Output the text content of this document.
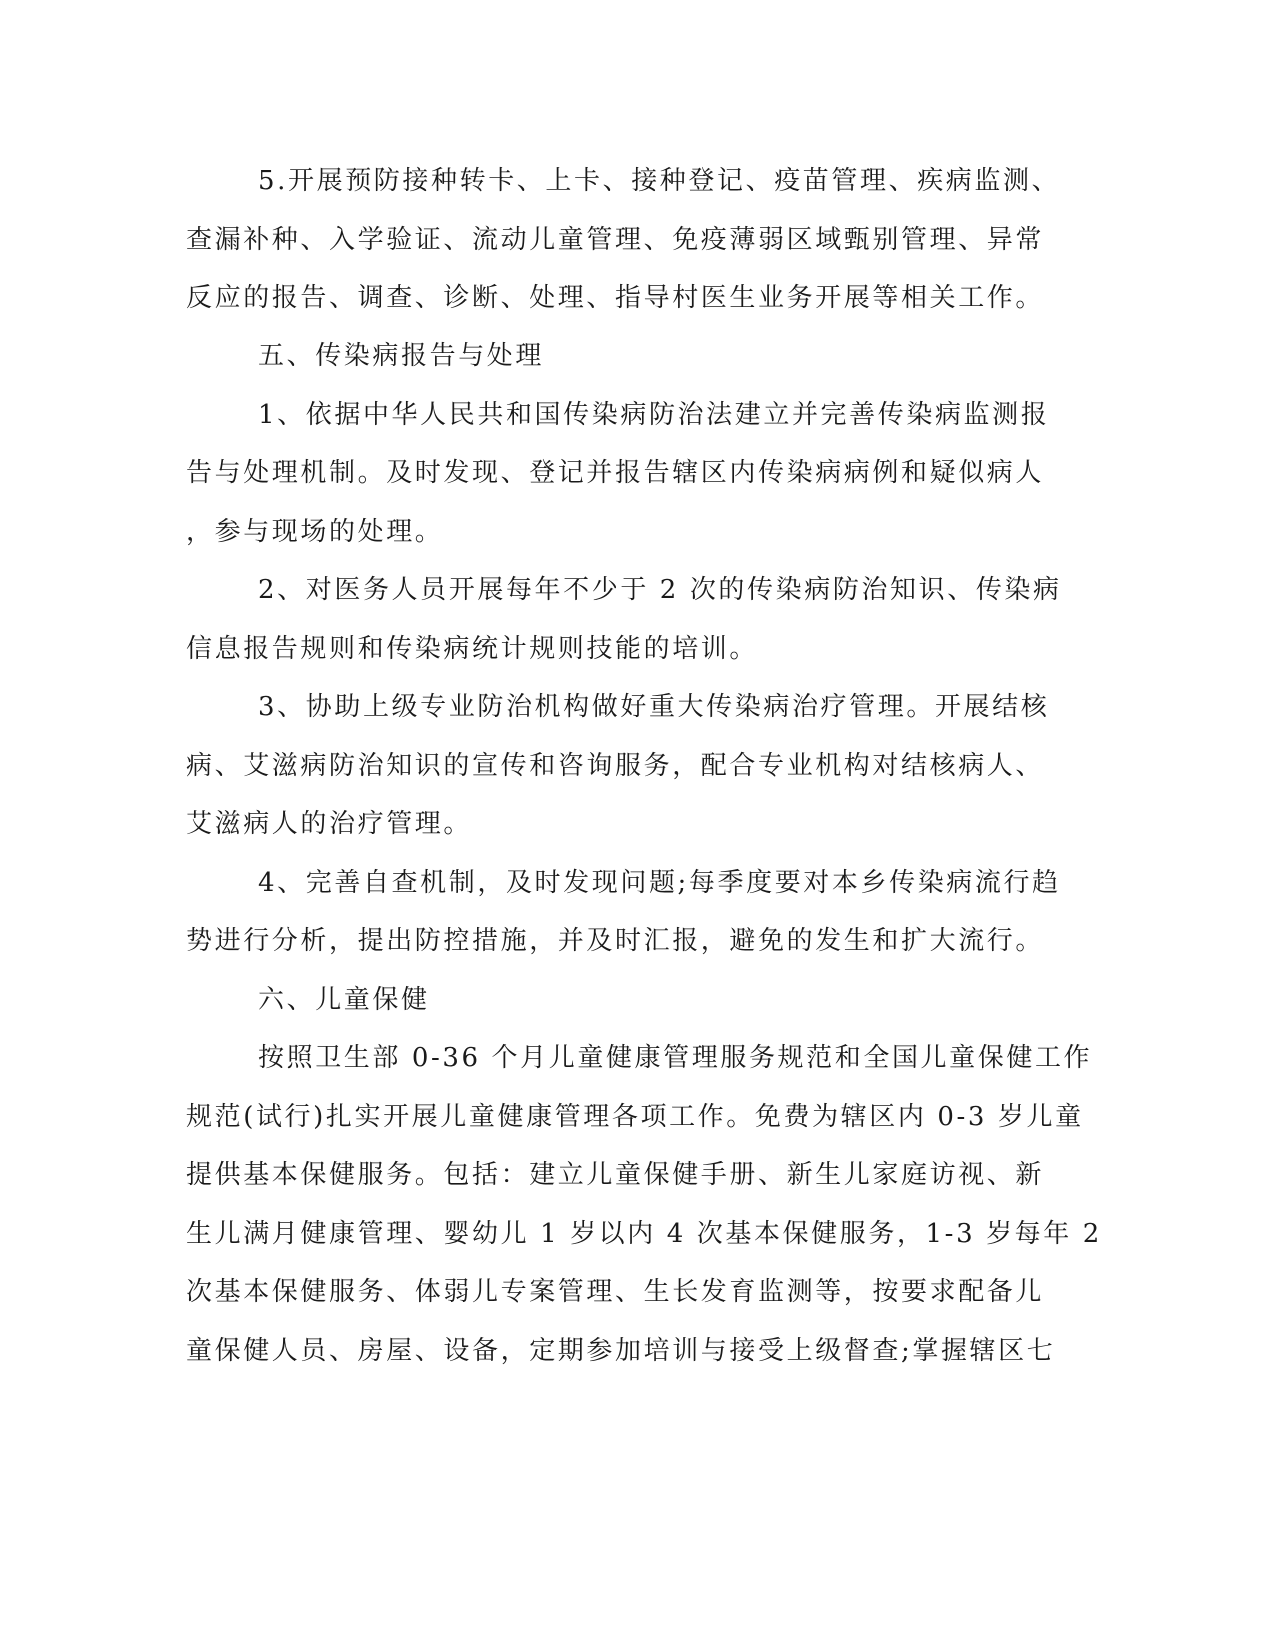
5.开展预防接种转卡、上卡、接种登记、疫苗管理、疾病监测、
查漏补种、入学验证、流动儿童管理、免疫薄弱区域甄别管理、异常
反应的报告、调查、诊断、处理、指导村医生业务开展等相关工作。
五、传染病报告与处理
1、依据中华人民共和国传染病防治法建立并完善传染病监测报
告与处理机制。及时发现、登记并报告辖区内传染病病例和疑似病人
，参与现场的处理。
2、对医务人员开展每年不少于 2 次的传染病防治知识、传染病
信息报告规则和传染病统计规则技能的培训。
3、协助上级专业防治机构做好重大传染病治疗管理。开展结核
病、艾滋病防治知识的宣传和咨询服务，配合专业机构对结核病人、
艾滋病人的治疗管理。
4、完善自查机制，及时发现问题;每季度要对本乡传染病流行趋
势进行分析，提出防控措施，并及时汇报，避免的发生和扩大流行。
六、儿童保健
按照卫生部 0-36 个月儿童健康管理服务规范和全国儿童保健工作
规范(试行)扎实开展儿童健康管理各项工作。免费为辖区内 0-3 岁儿童
提供基本保健服务。包括：建立儿童保健手册、新生儿家庭访视、新
生儿满月健康管理、婴幼儿 1 岁以内 4 次基本保健服务，1-3 岁每年 2
次基本保健服务、体弱儿专案管理、生长发育监测等，按要求配备儿
童保健人员、房屋、设备，定期参加培训与接受上级督查;掌握辖区七
